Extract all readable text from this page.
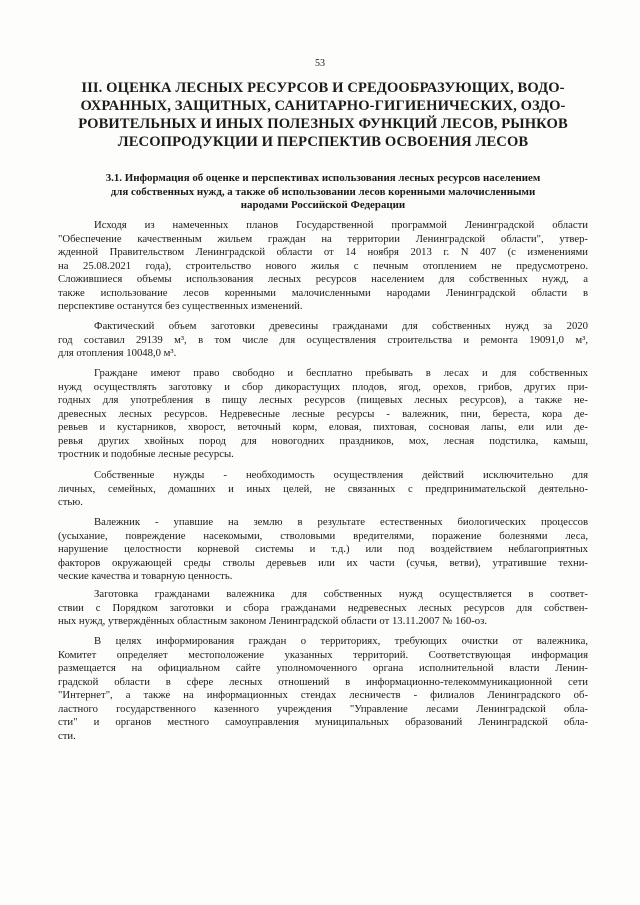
53
III. ОЦЕНКА ЛЕСНЫХ РЕСУРСОВ И СРЕДООБРАЗУЮЩИХ, ВОДО-
ОХРАННЫХ, ЗАЩИТНЫХ, САНИТАРНО-ГИГИЕНИЧЕСКИХ, ОЗДО-
РОВИТЕЛЬНЫХ И ИНЫХ ПОЛЕЗНЫХ ФУНКЦИЙ ЛЕСОВ, РЫНКОВ
ЛЕСОПРОДУКЦИИ И ПЕРСПЕКТИВ ОСВОЕНИЯ ЛЕСОВ
3.1. Информация об оценке и перспективах использования лесных ресурсов населением
для собственных нужд, а также об использовании лесов коренными малочисленными
народами Российской Федерации
Исходя из намеченных планов Государственной программой Ленинградской области
"Обеспечение качественным жильем граждан на территории Ленинградской области", утвер-
жденной Правительством Ленинградской области от 14 ноября 2013 г. N 407 (с изменениями
на 25.08.2021 года), строительство нового жилья с печным отоплением не предусмотрено.
Сложившиеся объемы использования лесных ресурсов населением для собственных нужд, а
также использование лесов коренными малочисленными народами Ленинградской области в
перспективе останутся без существенных изменений.
Фактический объем заготовки древесины гражданами для собственных нужд за 2020
год составил 29139 м³, в том числе для осуществления строительства и ремонта 19091,0 м³,
для отопления 10048,0 м³.
Граждане имеют право свободно и бесплатно пребывать в лесах и для собственных
нужд осуществлять заготовку и сбор дикорастущих плодов, ягод, орехов, грибов, других при-
годных для употребления в пищу лесных ресурсов (пищевых лесных ресурсов), а также не-
древесных лесных ресурсов. Недревесные лесные ресурсы - валежник, пни, береста, кора де-
ревьев и кустарников, хворост, веточный корм, еловая, пихтовая, сосновая лапы, ели или де-
ревья других хвойных пород для новогодних праздников, мох, лесная подстилка, камыш,
тростник и подобные лесные ресурсы.
Собственные нужды - необходимость осуществления действий исключительно для
личных, семейных, домашних и иных целей, не связанных с предпринимательской деятельно-
стью.
Валежник - упавшие на землю в результате естественных биологических процессов
(усыхание, повреждение насекомыми, стволовыми вредителями, поражение болезнями леса,
нарушение целостности корневой системы и т.д.) или под воздействием неблагоприятных
факторов окружающей среды стволы деревьев или их части (сучья, ветви), утратившие техни-
ческие качества и товарную ценность.
Заготовка гражданами валежника для собственных нужд осуществляется в соответ-
ствии с Порядком заготовки и сбора гражданами недревесных лесных ресурсов для собствен-
ных нужд, утверждённых областным законом Ленинградской области от 13.11.2007 № 160-оз.
В целях информирования граждан о территориях, требующих очистки от валежника,
Комитет определяет местоположение указанных территорий. Соответствующая информация
размещается на официальном сайте уполномоченного органа исполнительной власти Ленин-
градской области в сфере лесных отношений в информационно-телекоммуникационной сети
"Интернет", а также на информационных стендах лесничеств - филиалов Ленинградского об-
ластного государственного казенного учреждения "Управление лесами Ленинградской обла-
сти" и органов местного самоуправления муниципальных образований Ленинградской обла-
сти.
